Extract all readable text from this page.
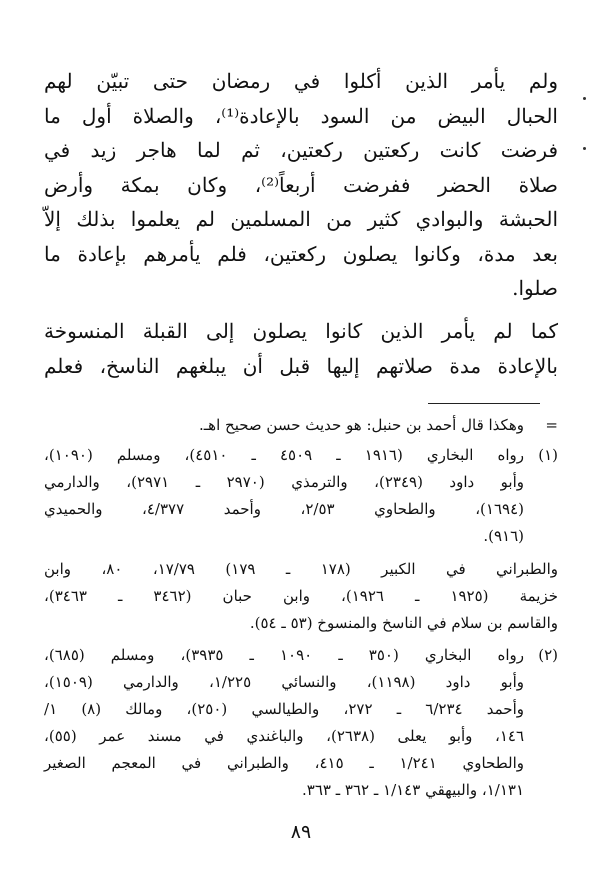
ولم يأمر الذين أكلوا في رمضان حتى تبيّن لهم
الحبال البيض من السود بالإعادة⁽¹⁾، والصلاة أول ما
فرضت كانت ركعتين ركعتين، ثم لما هاجر زيد في
صلاة الحضر ففرضت أربعاً⁽²⁾، وكان بمكة وأرض
الحبشة والبوادي كثير من المسلمين لم يعلموا بذلك إلاّ
بعد مدة، وكانوا يصلون ركعتين، فلم يأمرهم بإعادة ما
صلوا.
كما لم يأمر الذين كانوا يصلون إلى القبلة المنسوخة
بالإعادة مدة صلاتهم إليها قبل أن يبلغهم الناسخ، فعلم
=
وهكذا قال أحمد بن حنبل: هو حديث حسن صحيح اهـ.
(١)
رواه البخاري (١٩١٦ ـ ٤٥٠٩ ـ ٤٥١٠)، ومسلم (١٠٩٠)،
وأبو داود (٢٣٤٩)، والترمذي (٢٩٧٠ ـ ٢٩٧١)، والدارمي
(١٦٩٤)، والطحاوي ٢/٥٣، وأحمد ٤/٣٧٧، والحميدي
(٩١٦).
والطبراني في الكبير (١٧٨ ـ ١٧٩) ١٧/٧٩، ٨٠، وابن
خزيمة (١٩٢٥ ـ ١٩٢٦)، وابن حبان (٣٤٦٢ ـ ٣٤٦٣)،
والقاسم بن سلام في الناسخ والمنسوخ (٥٣ ـ ٥٤).
(٢)
رواه البخاري (٣٥٠ ـ ١٠٩٠ ـ ٣٩٣٥)، ومسلم (٦٨٥)،
وأبو داود (١١٩٨)، والنسائي ١/٢٢٥، والدارمي (١٥٠٩)،
وأحمد ٦/٢٣٤ ـ ٢٧٢، والطيالسي (٢٥٠)، ومالك (٨) ١/
١٤٦، وأبو يعلى (٢٦٣٨)، والباغندي في مسند عمر (٥٥)،
والطحاوي ١/٢٤١ ـ ٤١٥، والطبراني في المعجم الصغير
١/١٣١، والبيهقي ١/١٤٣ ـ ٣٦٢ ـ ٣٦٣.
٨٩
